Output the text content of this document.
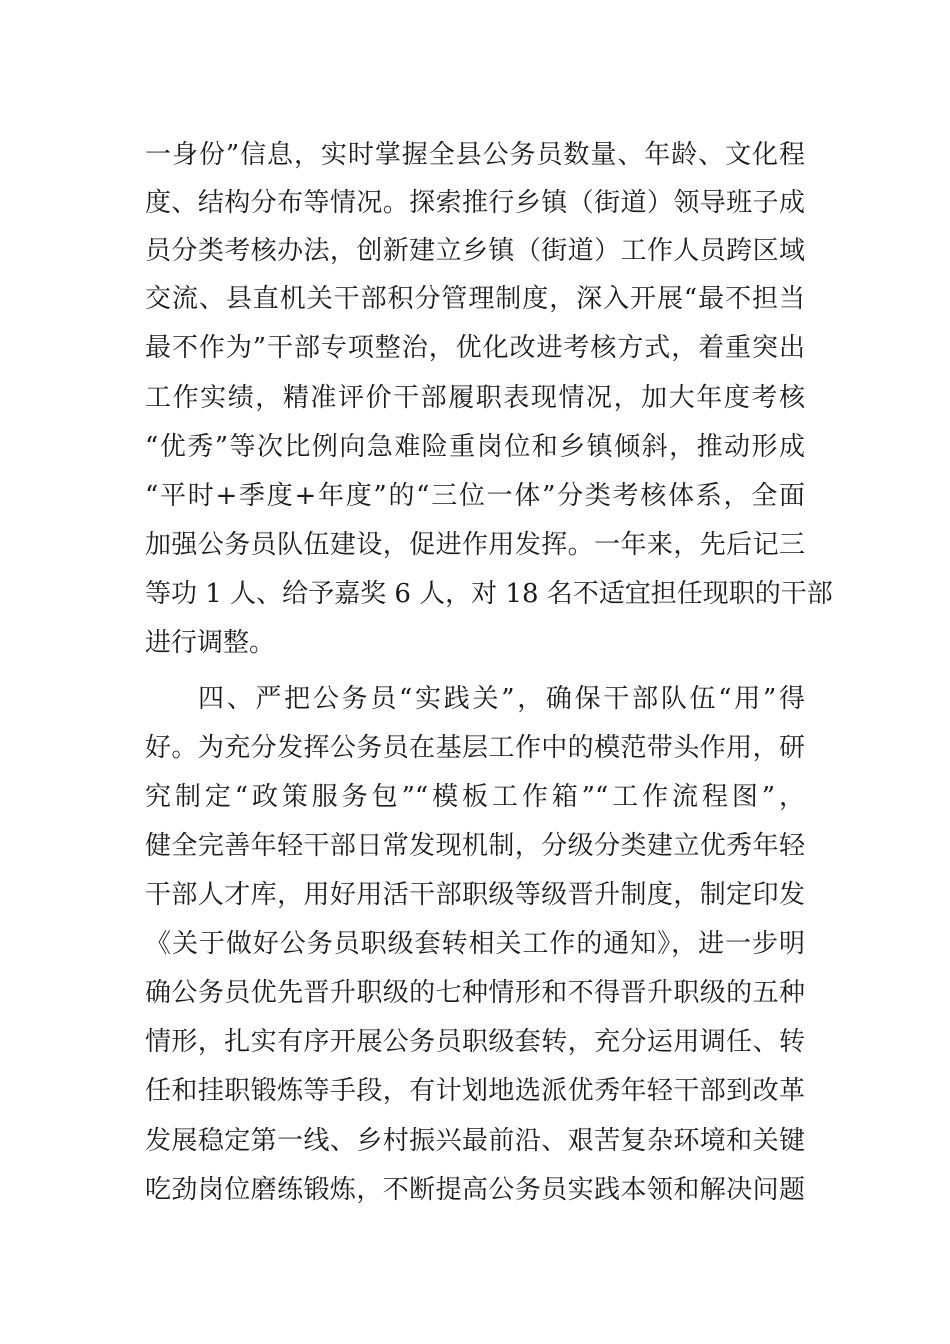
一身份”信息，实时掌握全县公务员数量、年龄、文化程
度、结构分布等情况。探索推行乡镇（街道）领导班子成
员分类考核办法，创新建立乡镇（街道）工作人员跨区域
交流、县直机关干部积分管理制度，深入开展“最不担当
最不作为”干部专项整治，优化改进考核方式，着重突出
工作实绩，精准评价干部履职表现情况，加大年度考核
“优秀”等次比例向急难险重岗位和乡镇倾斜，推动形成
“平时+季度+年度”的“三位一体”分类考核体系，全面
加强公务员队伍建设，促进作用发挥。一年来，先后记三
等功 1 人、给予嘉奖 6 人，对 18 名不适宜担任现职的干部
进行调整。
四、严把公务员“实践关”，确保干部队伍“用”得
好。为充分发挥公务员在基层工作中的模范带头作用，研
究制定“政策服务包”“模板工作箱”“工作流程图”，
健全完善年轻干部日常发现机制，分级分类建立优秀年轻
干部人才库，用好用活干部职级等级晋升制度，制定印发
《关于做好公务员职级套转相关工作的通知》，进一步明
确公务员优先晋升职级的七种情形和不得晋升职级的五种
情形，扎实有序开展公务员职级套转，充分运用调任、转
任和挂职锻炼等手段，有计划地选派优秀年轻干部到改革
发展稳定第一线、乡村振兴最前沿、艰苦复杂环境和关键
吃劲岗位磨练锻炼，不断提高公务员实践本领和解决问题
